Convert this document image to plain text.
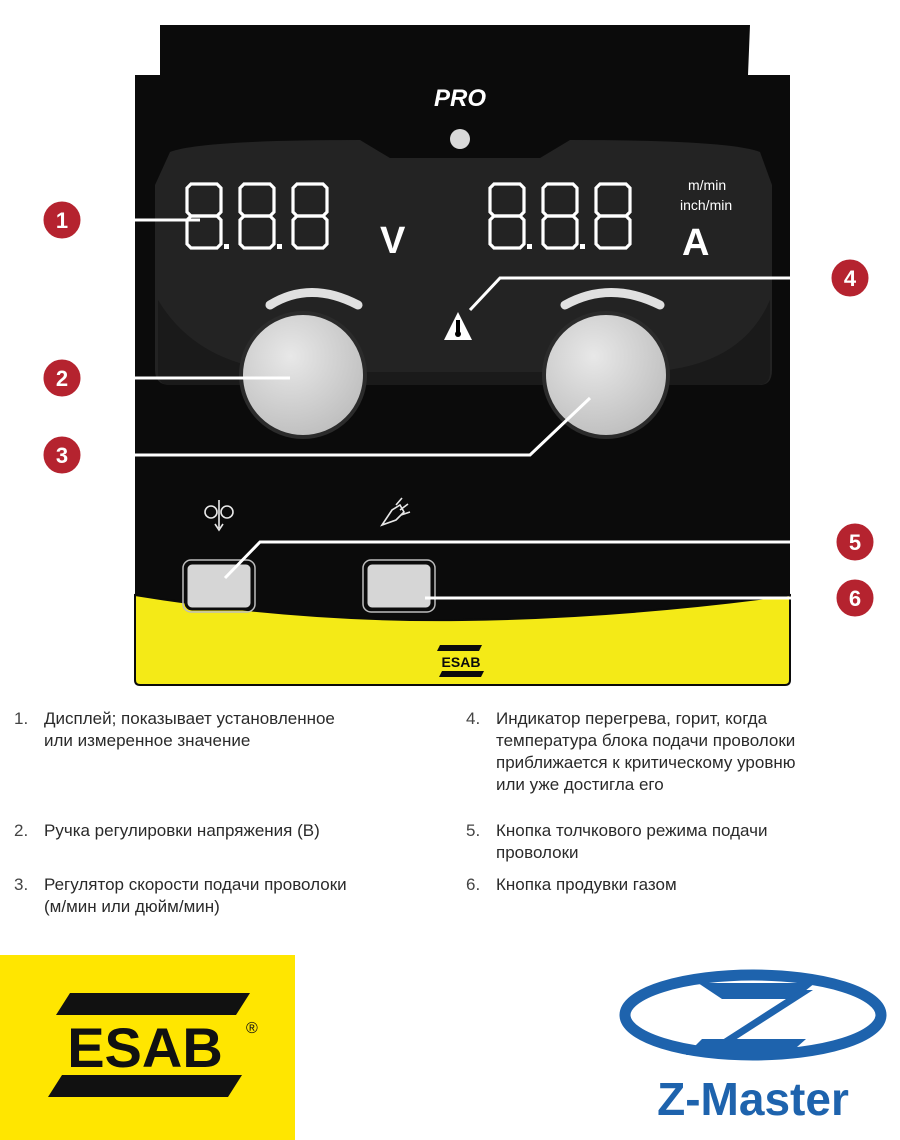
PRO
V
m/min
inch/min
A
ESAB
1
2
3
4
5
6
1. Дисплей; показывает установленное
или измеренное значение
2. Ручка регулировки напряжения (В)
3. Регулятор скорости подачи проволоки
(м/мин или дюйм/мин)
4. Индикатор перегрева, горит, когда
температура блока подачи проволоки
приближается к критическому уровню
или уже достигла его
5. Кнопка толчкового режима подачи
проволоки
6. Кнопка продувки газом
ESAB ®
Z-Master
